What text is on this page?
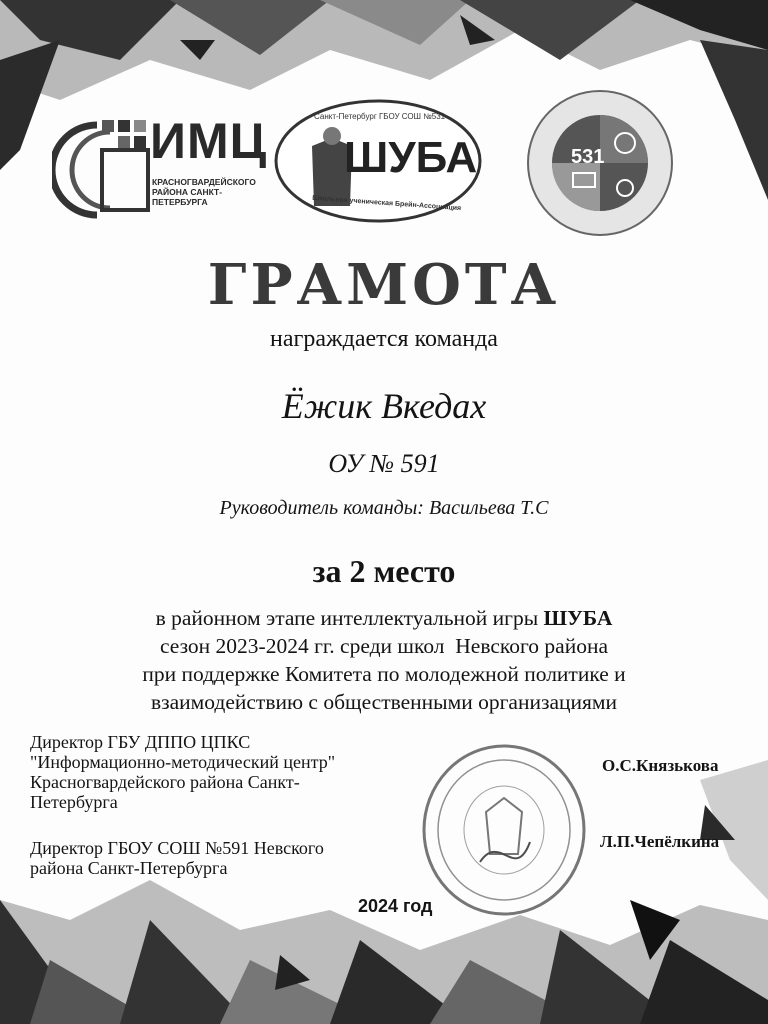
ИМЦ
КРАСНОГВАРДЕЙСКОГО РАЙОНА САНКТ-ПЕТЕРБУРГА
Санкт-Петербург ГБОУ СОШ №531
ШУБА
Школьная ученическая Брейн-Ассоциация
531
ГРАМОТА
награждается команда
Ёжик Вкедах
ОУ № 591
Руководитель команды: Васильева Т.С
за 2 место
в районном этапе интеллектуальной игры ШУБА
сезон 2023-2024 гг. среди школ  Невского района
при поддержке Комитета по молодежной политике и
взаимодействию с общественными организациями
Директор ГБУ ДППО ЦПКС
"Информационно-методический центр"
Красногвардейского района Санкт-
Петербурга
О.С.Князькова
Директор ГБОУ СОШ №591 Невского
района Санкт-Петербурга
Л.П.Чепёлкина
2024 год
